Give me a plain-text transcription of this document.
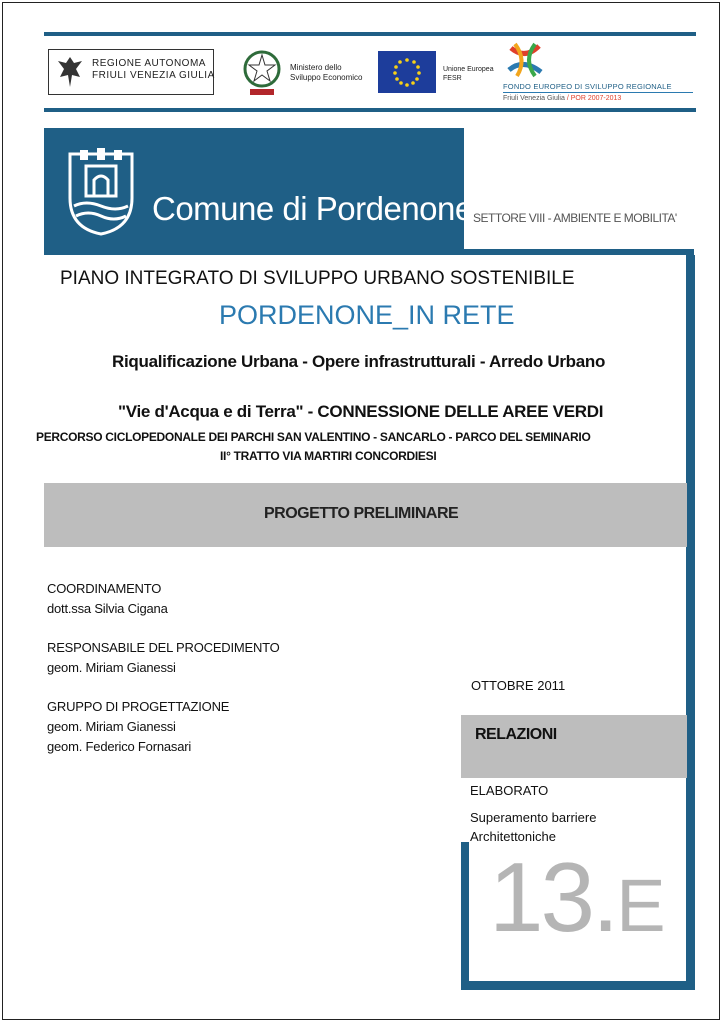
REGIONE AUTONOMA
FRIULI VENEZIA GIULIA
Ministero dello
Sviluppo Economico
Unione Europea
FESR
FONDO EUROPEO DI SVILUPPO REGIONALE
Friuli Venezia Giulia / POR 2007-2013
Comune di Pordenone SETTORE VIII - AMBIENTE E MOBILITA'
PIANO INTEGRATO DI SVILUPPO URBANO SOSTENIBILE
PORDENONE_IN RETE
Riqualificazione Urbana - Opere infrastrutturali - Arredo Urbano
"Vie d'Acqua e di Terra" - CONNESSIONE DELLE AREE VERDI
PERCORSO CICLOPEDONALE DEI PARCHI SAN VALENTINO - SANCARLO - PARCO DEL SEMINARIO
II° TRATTO VIA MARTIRI CONCORDIESI
PROGETTO PRELIMINARE
COORDINAMENTO
dott.ssa Silvia Cigana
RESPONSABILE DEL PROCEDIMENTO
geom. Miriam Gianessi
GRUPPO DI PROGETTAZIONE
geom. Miriam Gianessi
geom. Federico Fornasari
OTTOBRE 2011
RELAZIONI
ELABORATO
Superamento barriere
Architettoniche
13.E
